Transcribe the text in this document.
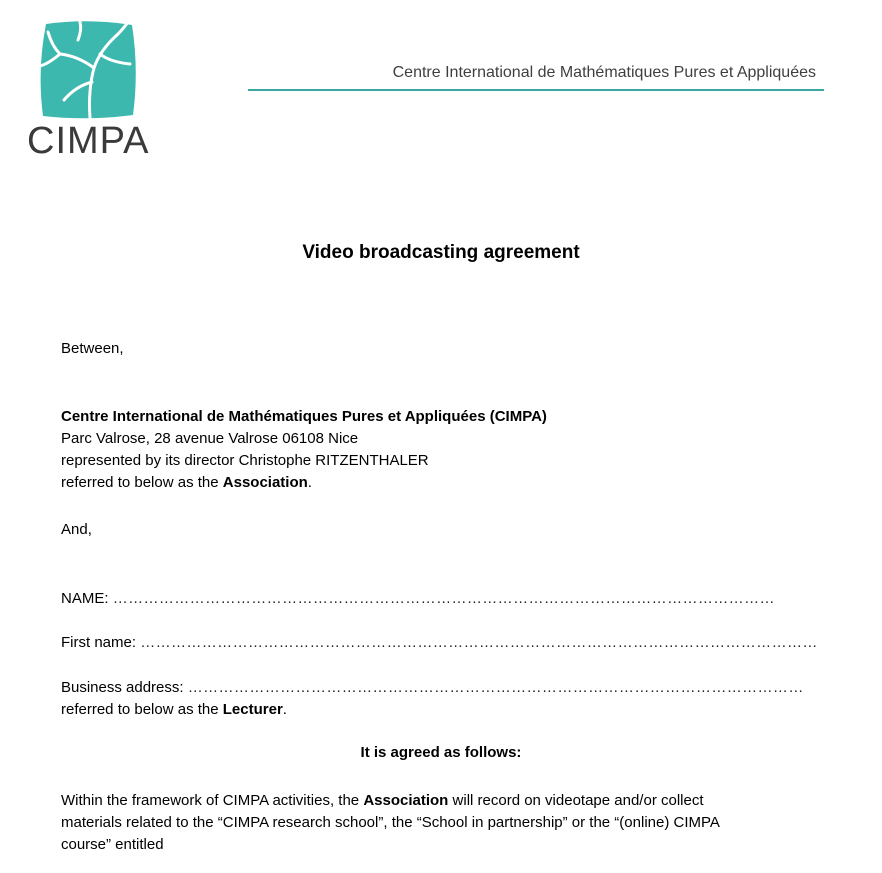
CIMPA
Centre International de Mathématiques Pures et Appliquées
Video broadcasting agreement
Between,
Centre International de Mathématiques Pures et Appliquées (CIMPA)
Parc Valrose, 28 avenue Valrose 06108 Nice
represented by its director Christophe RITZENTHALER
referred to below as the Association.
And,
NAME: …………………………………………………………………………………………………………………
First name: ……………………………………………………………………………………………………………………
Business address: …………………………………………………………………………………………………………
referred to below as the Lecturer.
It is agreed as follows:
Within the framework of CIMPA activities, the Association will record on videotape and/or collect
materials related to the “CIMPA research school”, the “School in partnership” or the “(online) CIMPA
course” entitled
